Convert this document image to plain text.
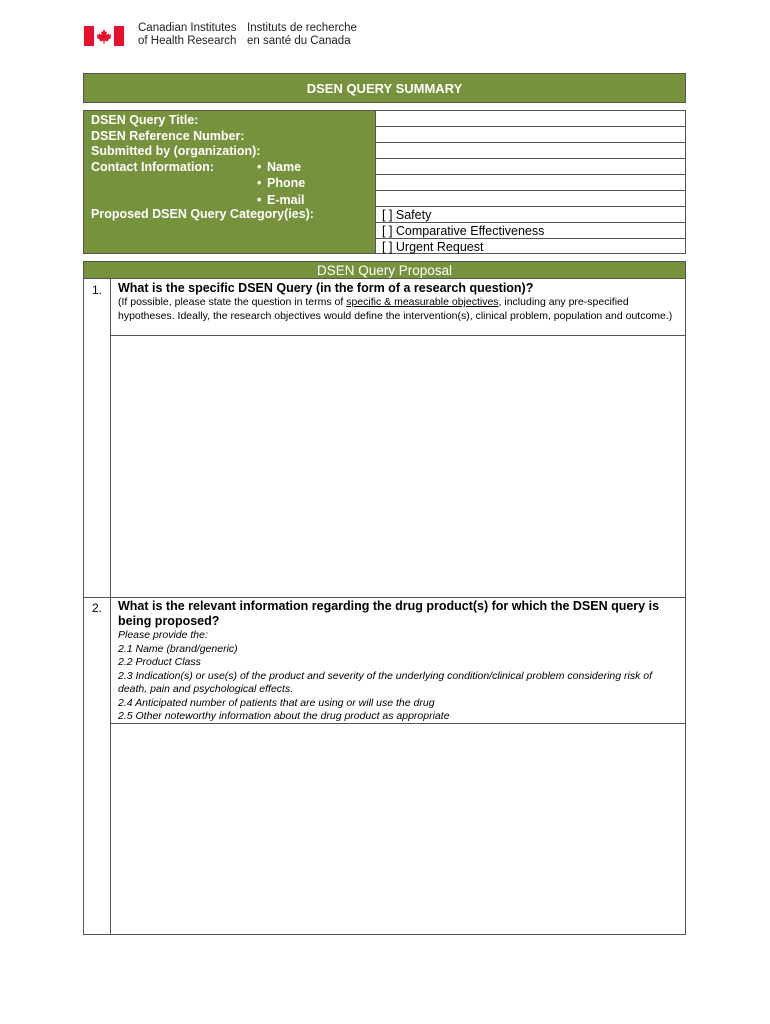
Canadian Institutes
of Health Research
Instituts de recherche
en santé du Canada
DSEN QUERY SUMMARY
DSEN Query Title:
DSEN Reference Number:
Submitted by (organization):
Contact Information:	• Name
• Phone
• E-mail
Proposed DSEN Query Category(ies):	[ ] Safety
[ ] Comparative Effectiveness
[ ] Urgent Request
DSEN Query Proposal
1.	What is the specific DSEN Query (in the form of a research question)?
(If possible, please state the question in terms of specific & measurable objectives, including any pre-specified hypotheses. Ideally, the research objectives would define the intervention(s), clinical problem, population and outcome.)
2.	What is the relevant information regarding the drug product(s) for which the DSEN query is being proposed?
Please provide the:
2.1 Name (brand/generic)
2.2 Product Class
2.3 Indication(s) or use(s) of the product and severity of the underlying condition/clinical problem considering risk of death, pain and psychological effects.
2.4 Anticipated number of patients that are using or will use the drug
2.5 Other noteworthy information about the drug product as appropriate
